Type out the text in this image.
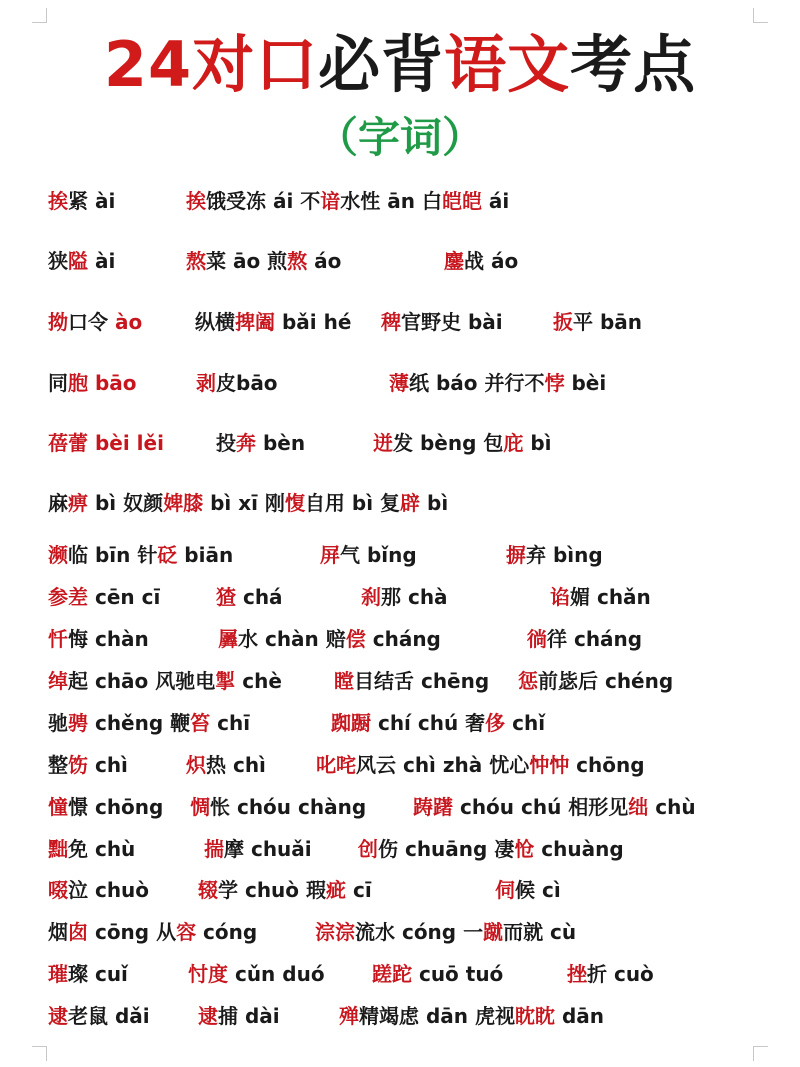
24对口必背语文考点
（字词）
挨紧 ài	挨饿受冻 ái 不谙水性 ān 白皑皑 ái
狭隘 ài	熬菜 āo 煎熬 áo	鏖战 áo
拗口令 ào	纵横捭阖 bǎi hé 稗官野史 bài	扳平 bān
同胞 bāo	剥皮bāo	薄纸 báo 并行不悖 bèi
蓓蕾 bèi lěi	投奔 bèn	迸发 bèng 包庇 bì
麻痹 bì 奴颜婢膝 bì xī 刚愎自用 bì 复辟 bì
濒临 bīn 针砭 biān	屏气 bǐng	摒弃 bìng
参差 cēn cī	猹 chá	刹那 chà	谄媚 chǎn
忏悔 chàn	羼水 chàn 赔偿 cháng	徜徉 cháng
绰起 chāo 风驰电掣 chè	瞠目结舌 chēng 惩前毖后 chéng
驰骋 chěng 鞭笞 chī	踟蹰 chí chú 奢侈 chǐ
整饬 chì	炽热 chì	叱咤风云 chì zhà 忧心忡忡 chōng
憧憬 chōng 惆怅 chóu chàng 踌躇 chóu chú 相形见绌 chù
黜免 chù	揣摩 chuǎi 创伤 chuāng 凄怆 chuàng
啜泣 chuò 辍学 chuò 瑕疵 cī	伺候 cì
烟囱 cōng 从容 cóng	淙淙流水 cóng 一蹴而就 cù
璀璨 cuǐ	忖度 cǔn duó 蹉跎 cuō tuó	挫折 cuò
逮老鼠 dǎi 逮捕 dài	殚精竭虑 dān 虎视眈眈 dān
